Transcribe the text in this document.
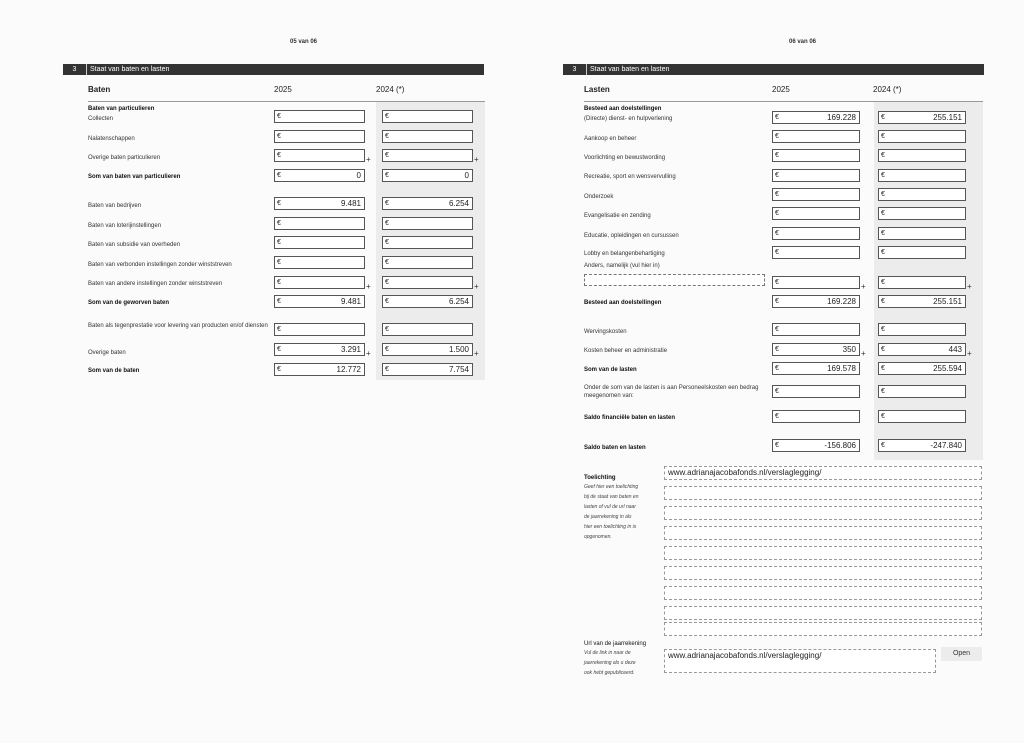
05 van 06
3	Staat van baten en lasten
Baten	2025	2024 (*)
Baten van particulieren
Collecten	€	€
Nalatenschappen	€	€
Overige baten particulieren	€	+ €	+
Som van baten van particulieren	€	0	€	0
Baten van bedrijven	€	9.481	€	6.254
Baten van loterijinstellingen	€	€
Baten van subsidie van overheden	€	€
Baten van verbonden instellingen zonder winststreven	€	€
Baten van andere instellingen zonder winststreven	€	+ €	+
Som van de geworven baten	€	9.481	€	6.254
Baten als tegenprestatie voor levering van producten en/of diensten	€	€
Overige baten	€	3.291 + €	1.500 +
Som van de baten	€	12.772	€	7.754
06 van 06
3	Staat van baten en lasten
Lasten	2025	2024 (*)
Besteed aan doelstellingen
(Directe) dienst- en hulpverlening	€	169.228	€	255.151
Aankoop en beheer	€	€
Voorlichting en bewustwording	€	€
Recreatie, sport en wensvervulling	€	€
Onderzoek	€	€
Evangelisatie en zending	€	€
Educatie, opleidingen en cursussen	€	€
Lobby en belangenbehartiging	€	€
Anders, namelijk (vul hier in)
€	+ €	+
Besteed aan doelstellingen	€	169.228	€	255.151
Wervingskosten	€	€
Kosten beheer en administratie	€	350 + €	443 +
Som van de lasten	€	169.578	€	255.594
Onder de som van de lasten is aan Personeelskosten een bedrag meegenomen van:
€	€
Saldo financiële baten en lasten	€	€
Saldo baten en lasten	€	-156.806	€	-247.840
Toelichting
Geef hier een toelichting
bij de staat van baten en
lasten of vul de url naar
de jaarrekening in als
hier een toelichting in is
opgenomen.
Url van de jaarrekening
Vul de link in naar de
jaarrekening als u deze
ook hebt gepubliceerd.
www.adrianajacobafonds.nl/verslaglegging/
www.adrianajacobafonds.nl/verslaglegging/	Open
